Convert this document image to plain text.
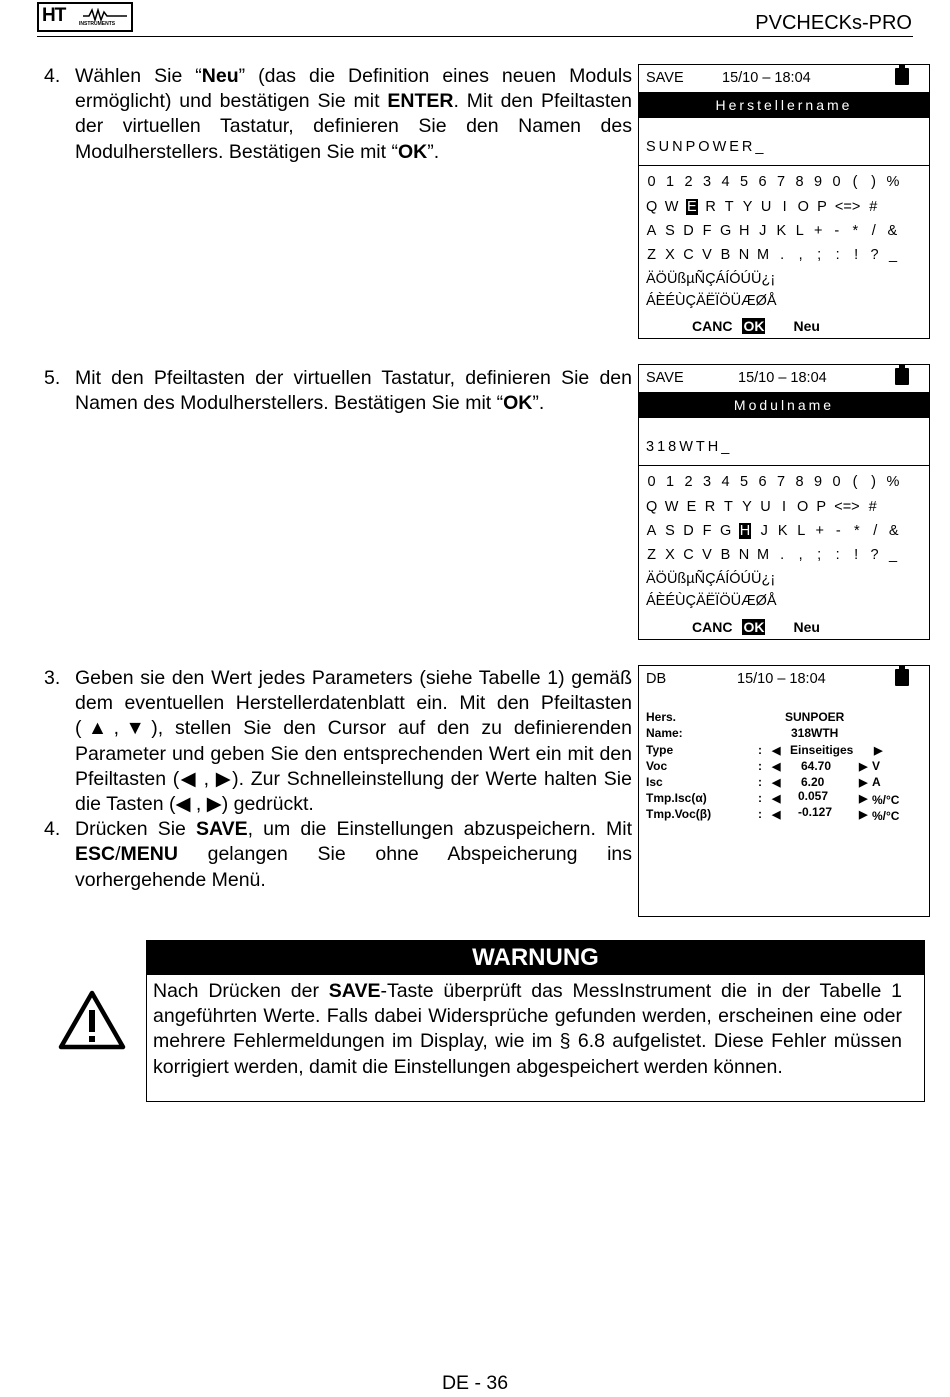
HT	INSTRUMENTS	PVCHECKs-PRO
4. Wählen Sie “Neu” (das die Definition eines neuen Moduls ermöglicht) und bestätigen Sie mit ENTER. Mit den Pfeiltasten der virtuellen Tastatur, definieren Sie den Namen des Modulherstellers. Bestätigen Sie mit “OK”.
SAVE	15/10 – 18:04
Herstellername
SUNPOWER_
0 1 2 3 4 5 6 7 8 9 0 ( ) %
Q W E R T Y U I O P <=> #
A S D F G H J K L + - * / &
Z X C V B N M . , ; : ! ? _
ÄÖÜßµÑÇÁÍÓÚÜ¿¡
ÁÈÉÙÇÄËÏÖÜÆØÅ
CANC OK Neu
5. Mit den Pfeiltasten der virtuellen Tastatur, definieren Sie den Namen des Modulherstellers. Bestätigen Sie mit “OK”.
SAVE	15/10 – 18:04
Modulname
318WTH_
0 1 2 3 4 5 6 7 8 9 0 ( ) %
Q W E R T Y U I O P <=> #
A S D F G H J K L + - * / &
Z X C V B N M . , ; : ! ? _
ÄÖÜßµÑÇÁÍÓÚÜ¿¡
ÁÈÉÙÇÄËÏÖÜÆØÅ
CANC OK Neu
3. Geben sie den Wert jedes Parameters (siehe Tabelle 1) gemäß dem eventuellen Herstellerdatenblatt ein. Mit den Pfeiltasten (▲,▼), stellen Sie den Cursor auf den zu definierenden Parameter und geben Sie den entsprechenden Wert ein mit den Pfeiltasten (◀ , ▶). Zur Schnelleinstellung der Werte halten Sie die Tasten (◀ , ▶) gedrückt.
4. Drücken Sie SAVE, um die Einstellungen abzuspeichern. Mit ESC/MENU gelangen Sie ohne Abspeicherung ins vorhergehende Menü.
DB	15/10 – 18:04
Hers.	SUNPOER
Name:	318WTH
Type	: ◀ Einseitiges ▶
Voc	: ◀ 64.70	▶ V
Isc	: ◀ 6.20	▶ A
Tmp.Isc(α)	: ◀ 0.057	▶ %/°C
Tmp.Voc(β)	: ◀ -0.127 ▶ %/°C
WARNUNG
Nach Drücken der SAVE-Taste überprüft das MessInstrument die in der Tabelle 1 angeführten Werte. Falls dabei Widersprüche gefunden werden, erscheinen eine oder mehrere Fehlermeldungen im Display, wie im § 6.8 aufgelistet. Diese Fehler müssen korrigiert werden, damit die Einstellungen abgespeichert werden können.
DE - 36
